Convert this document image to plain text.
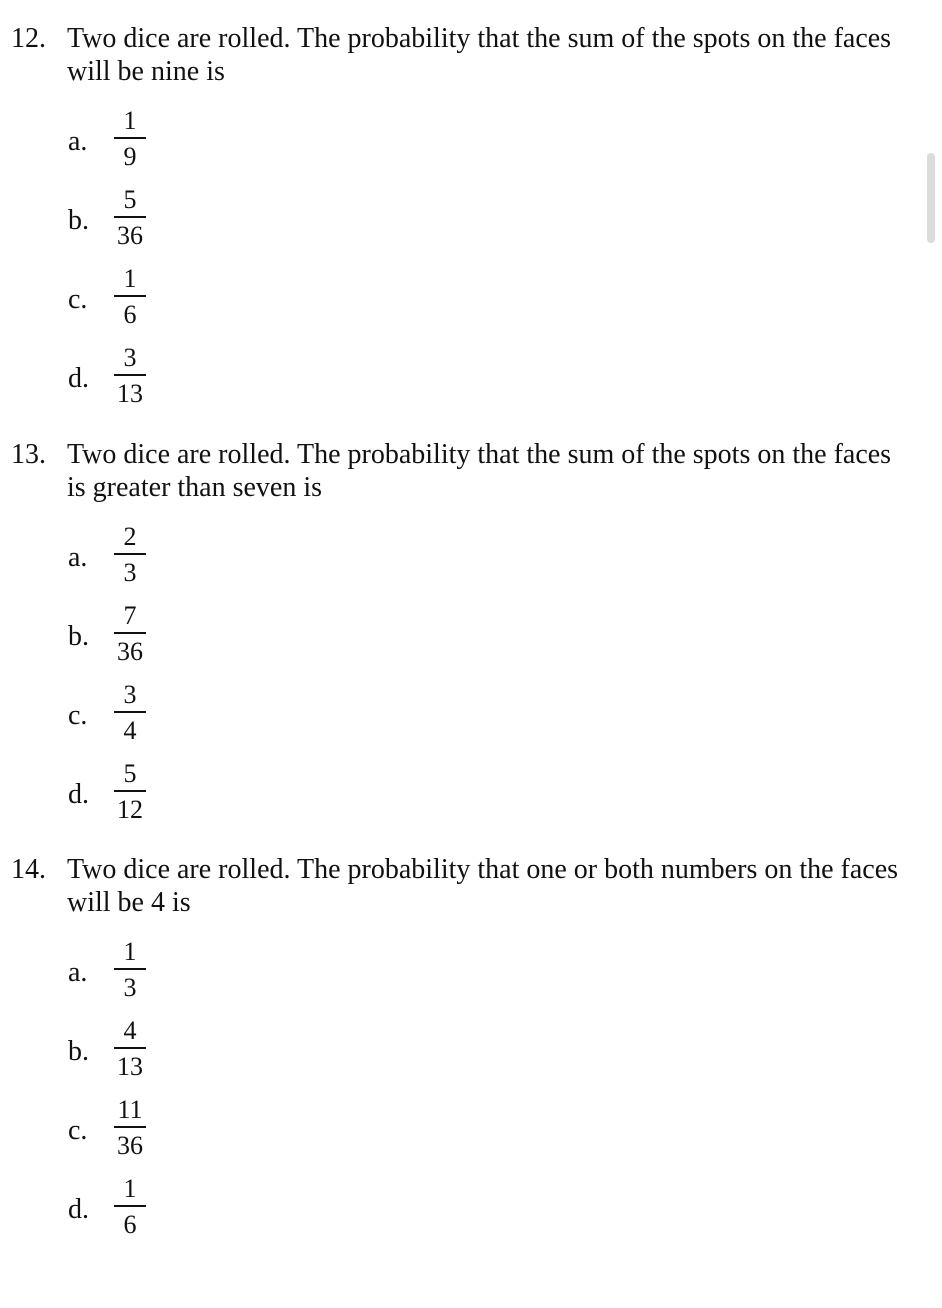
12. Two dice are rolled. The probability that the sum of the spots on the faces will be nine is
a.
1
9
b.
5
36
c.
1
6
d.
3
13
13. Two dice are rolled. The probability that the sum of the spots on the faces is greater than seven is
a.
2
3
b.
7
36
c.
3
4
d.
5
12
14. Two dice are rolled. The probability that one or both numbers on the faces will be 4 is
a.
1
3
b.
4
13
c.
11
36
d.
1
6
